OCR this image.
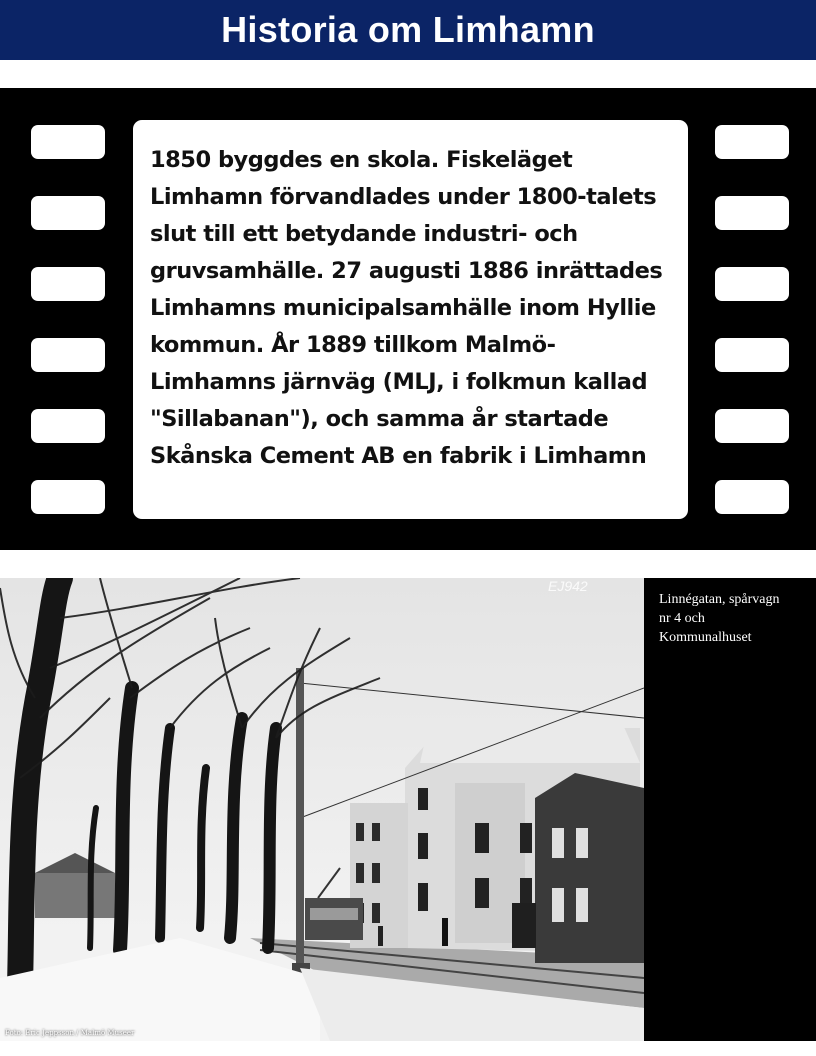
Historia om Limhamn
1850 byggdes en skola. Fiskeläget
Limhamn förvandlades under 1800-talets
slut till ett betydande industri- och
gruvsamhälle. 27 augusti 1886 inrättades
Limhamns municipalsamhälle inom Hyllie
kommun. År 1889 tillkom Malmö-
Limhamns järnväg (MLJ, i folkmun kallad
"Sillabanan"), och samma år startade
Skånska Cement AB en fabrik i Limhamn
EJ942
Foto: Eric Jeppsson / Malmö Museer
Linnégatan, spårvagn
nr 4 och
Kommunalhuset
